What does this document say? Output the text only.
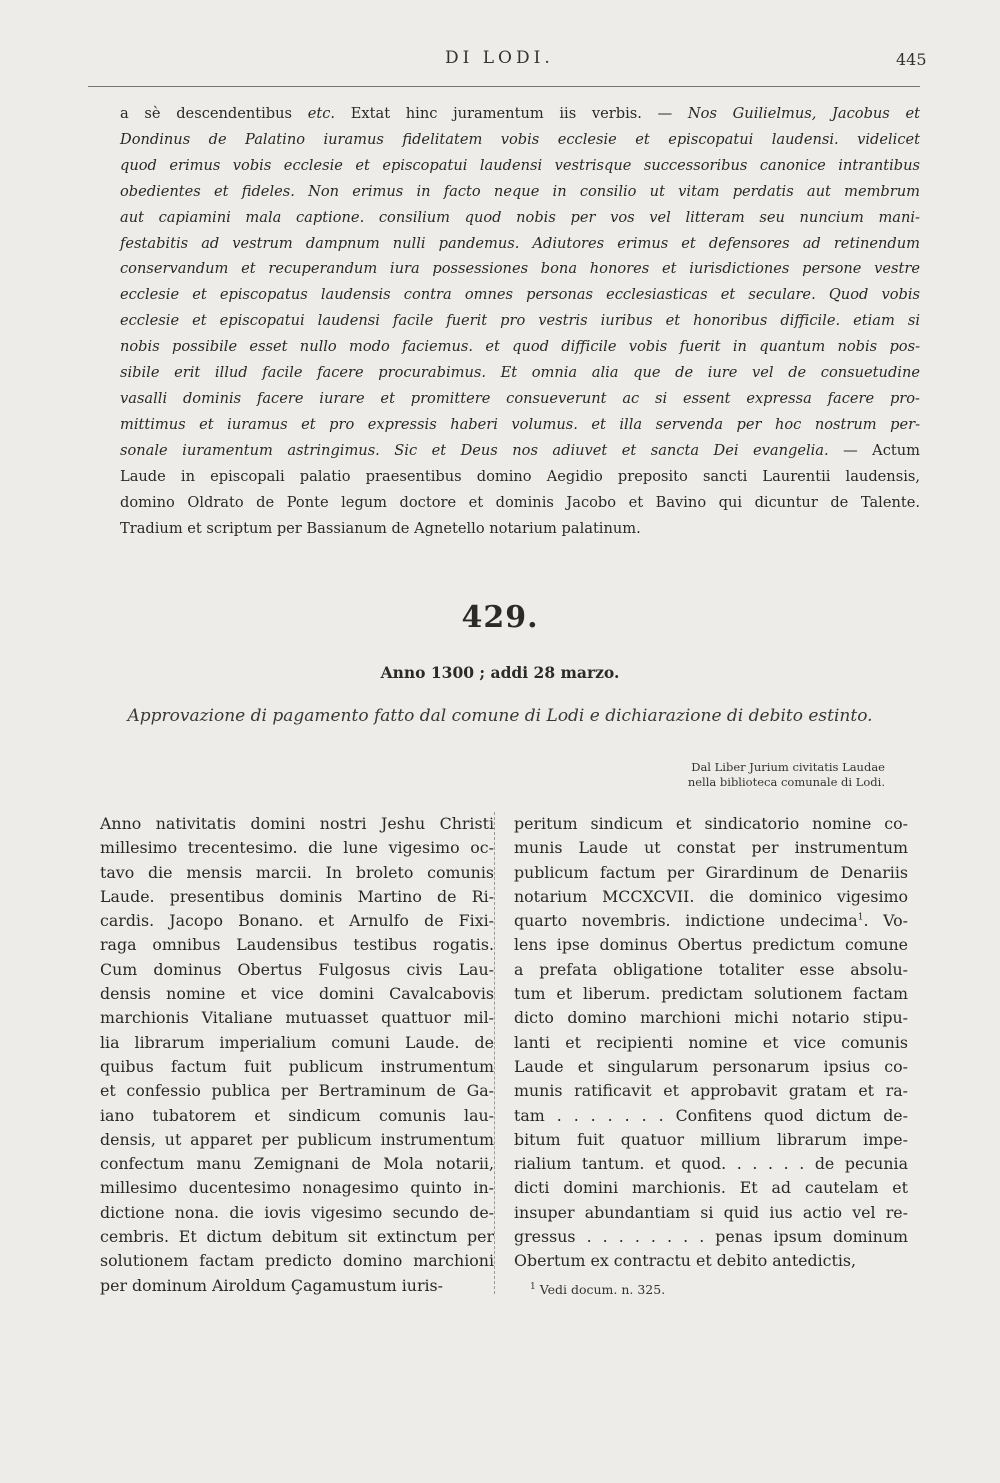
DI LODI.	445
a sè descendentibus etc. Extat hinc juramentum iis verbis. — Nos Guilielmus, Jacobus et
Dondinus de Palatino iuramus fidelitatem vobis ecclesie et episcopatui laudensi. videlicet
quod erimus vobis ecclesie et episcopatui laudensi vestrisque successoribus canonice intrantibus
obedientes et fideles. Non erimus in facto neque in consilio ut vitam perdatis aut membrum
aut capiamini mala captione. consilium quod nobis per vos vel litteram seu nuncium mani-
festabitis ad vestrum dampnum nulli pandemus. Adiutores erimus et defensores ad retinendum
conservandum et recuperandum iura possessiones bona honores et iurisdictiones persone vestre
ecclesie et episcopatus laudensis contra omnes personas ecclesiasticas et seculare. Quod vobis
ecclesie et episcopatui laudensi facile fuerit pro vestris iuribus et honoribus difficile. etiam si
nobis possibile esset nullo modo faciemus. et quod difficile vobis fuerit in quantum nobis pos-
sibile erit illud facile facere procurabimus. Et omnia alia que de iure vel de consuetudine
vasalli dominis facere iurare et promittere consueverunt ac si essent expressa facere pro-
mittimus et iuramus et pro expressis haberi volumus. et illa servenda per hoc nostrum per-
sonale iuramentum astringimus. Sic et Deus nos adiuvet et sancta Dei evangelia. — Actum
Laude in episcopali palatio praesentibus domino Aegidio preposito sancti Laurentii laudensis,
domino Oldrato de Ponte legum doctore et dominis Jacobo et Bavino qui dicuntur de Talente.
Tradium et scriptum per Bassianum de Agnetello notarium palatinum.
429.
Anno 1300 ; addi 28 marzo.
Approvazione di pagamento fatto dal comune di Lodi e dichiarazione di debito estinto.
Dal Liber Jurium civitatis Laudae
nella biblioteca comunale di Lodi.
Anno nativitatis domini nostri Jeshu Christi
millesimo trecentesimo. die lune vigesimo oc-
tavo die mensis marcii. In broleto comunis
Laude. presentibus dominis Martino de Ri-
cardis. Jacopo Bonano. et Arnulfo de Fixi-
raga omnibus Laudensibus testibus rogatis.
Cum dominus Obertus Fulgosus civis Lau-
densis nomine et vice domini Cavalcabovis
marchionis Vitaliane mutuasset quattuor mil-
lia librarum imperialium comuni Laude. de
quibus factum fuit publicum instrumentum
et confessio publica per Bertraminum de Ga-
iano tubatorem et sindicum comunis lau-
densis, ut apparet per publicum instrumentum
confectum manu Zemignani de Mola notarii,
millesimo ducentesimo nonagesimo quinto in-
dictione nona. die iovis vigesimo secundo de-
cembris. Et dictum debitum sit extinctum per
solutionem factam predicto domino marchioni
per dominum Airoldum Çagamustum iuris-
peritum sindicum et sindicatorio nomine co-
munis Laude ut constat per instrumentum
publicum factum per Girardinum de Denariis
notarium MCCXCVII. die dominico vigesimo
quarto novembris. indictione undecima$^1$. Vo-
lens ipse dominus Obertus predictum comune
a prefata obligatione totaliter esse absolu-
tum et liberum. predictam solutionem factam
dicto domino marchioni michi notario stipu-
lanti et recipienti nomine et vice comunis
Laude et singularum personarum ipsius co-
munis ratificavit et approbavit gratam et ra-
tam . . . . . . . Confitens quod dictum de-
bitum fuit quatuor millium librarum impe-
rialium tantum. et quod. . . . . . de pecunia
dicti domini marchionis. Et ad cautelam et
insuper abundantiam si quid ius actio vel re-
gressus . . . . . . . . penas ipsum dominum
Obertum ex contractu et debito antedictis,
$^1$ Vedi docum. n. 325.
